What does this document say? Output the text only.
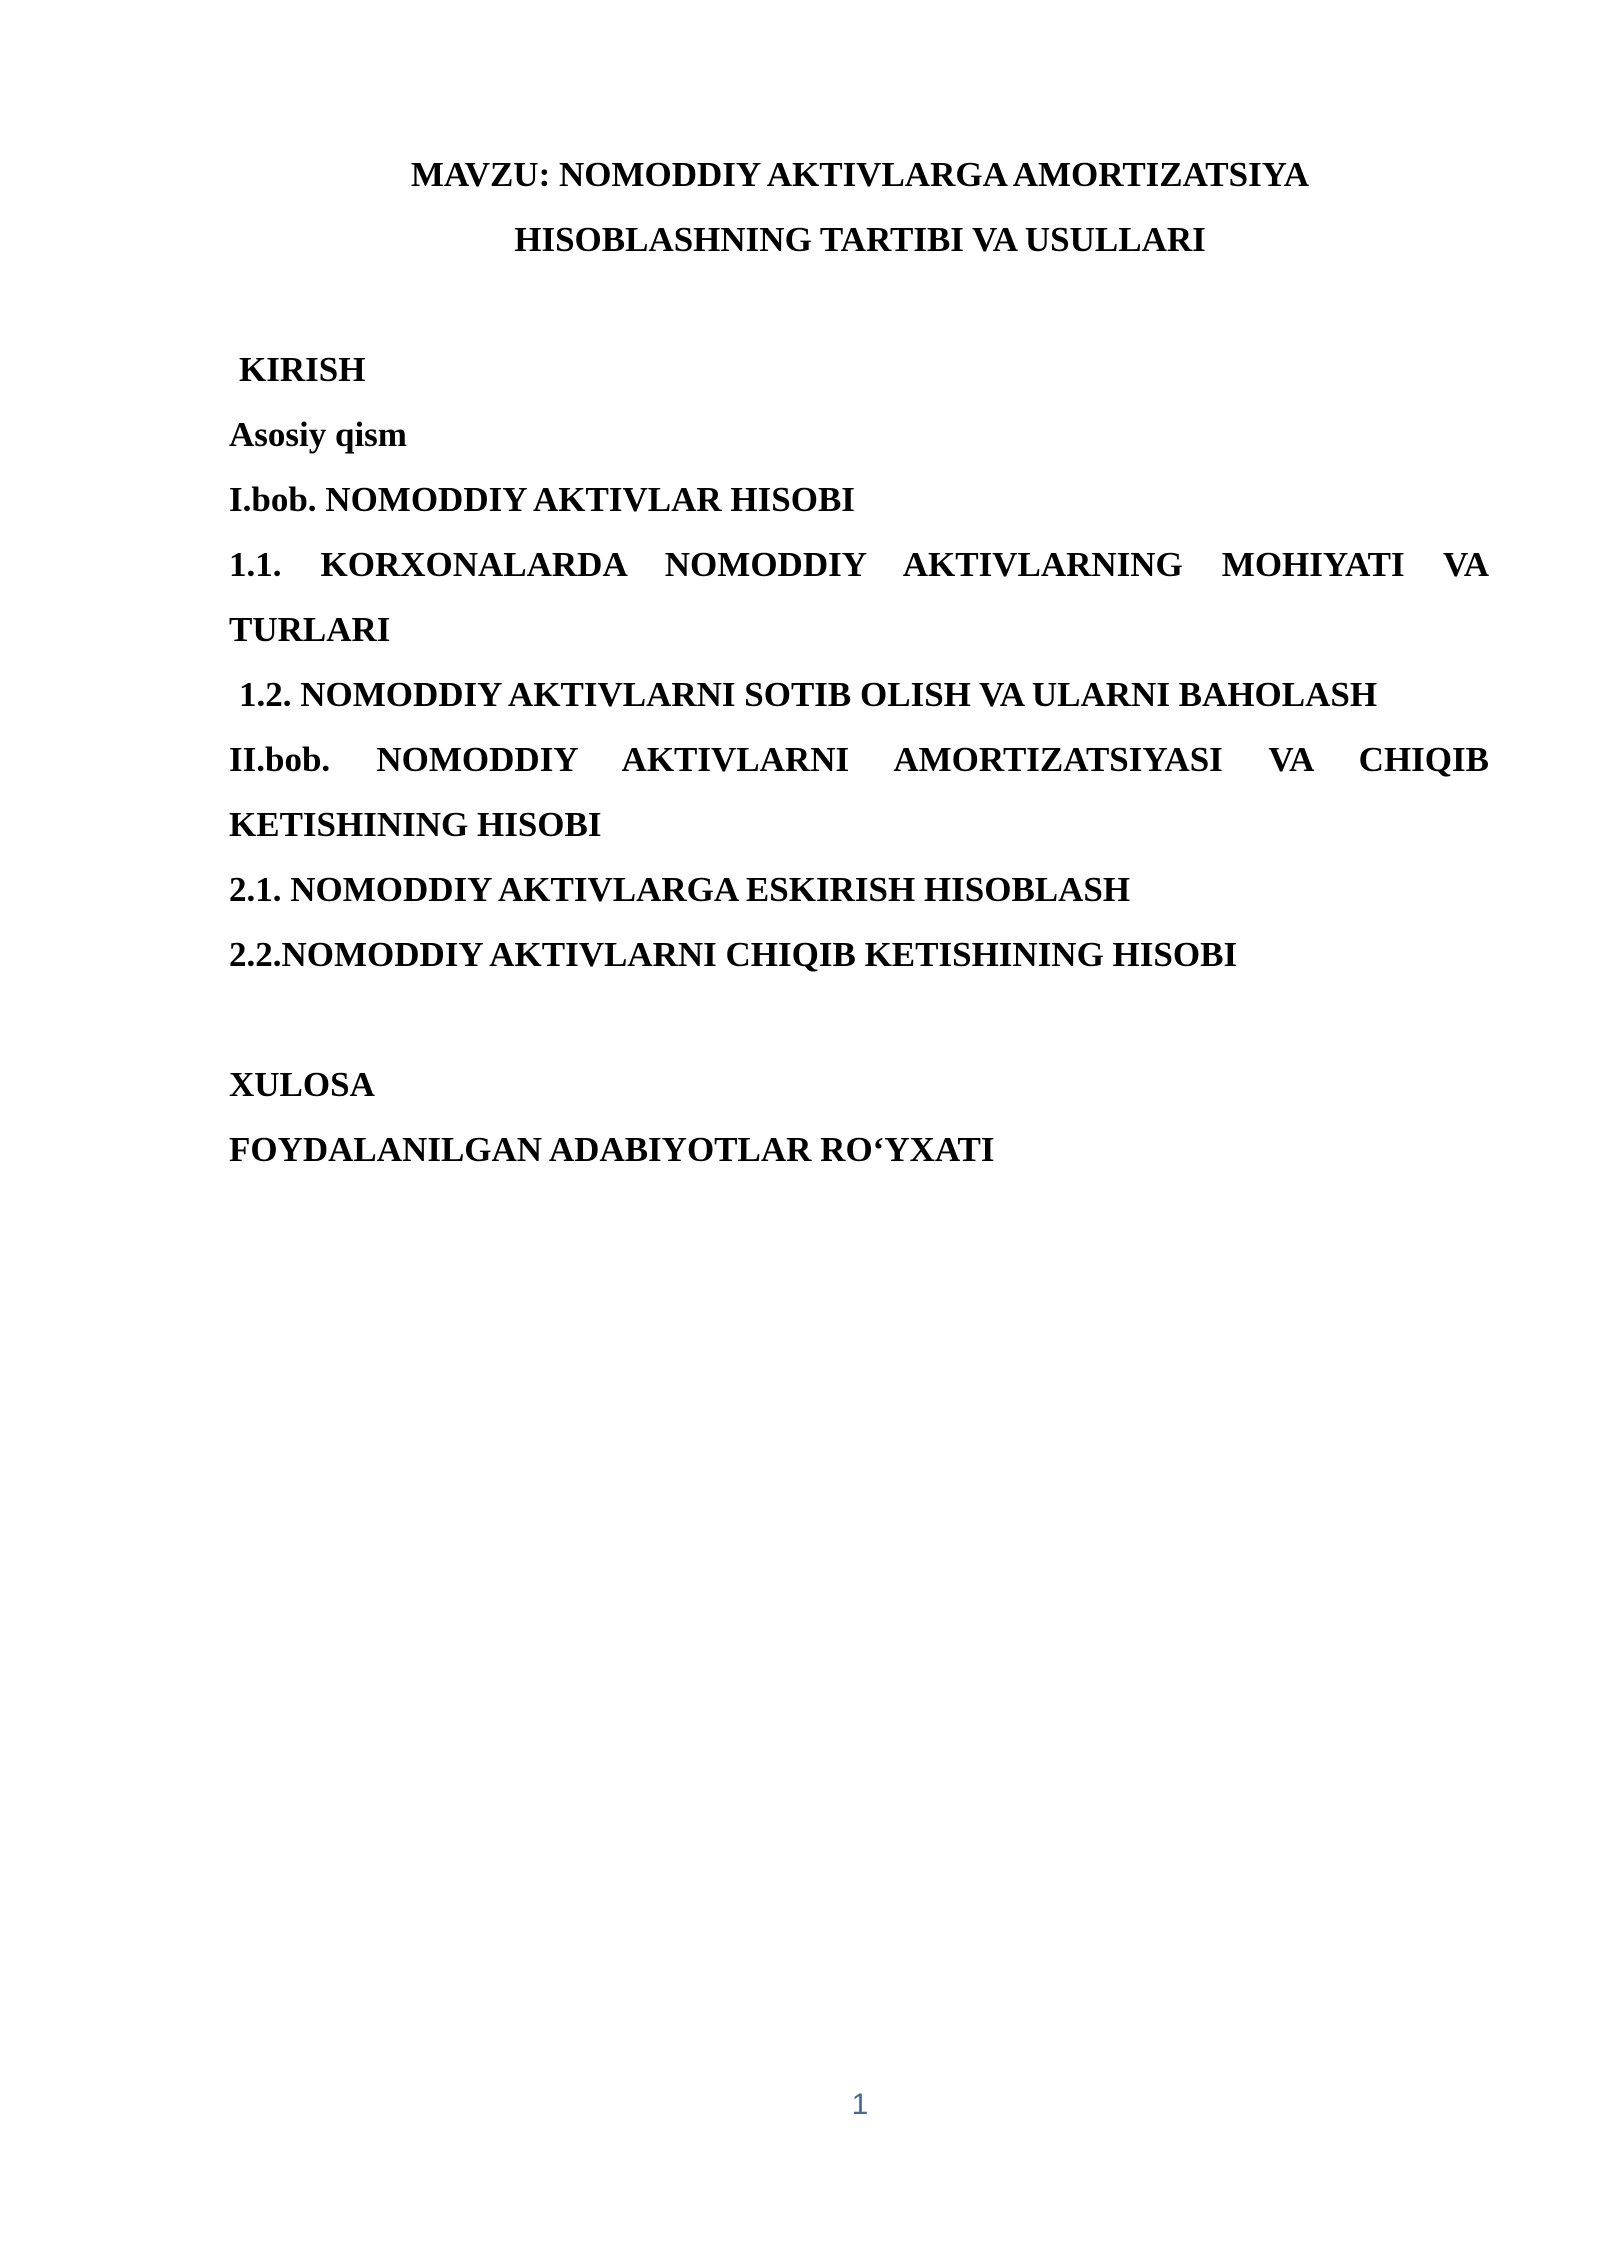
MAVZU: NOMODDIY AKTIVLARGA AMORTIZATSIYA
HISOBLASHNING TARTIBI VA USULLARI
KIRISH
Asosiy qism
I.bob. NOMODDIY AKTIVLAR HISOBI
1.1. KORXONALARDA NOMODDIY AKTIVLARNING MOHIYATI VA
TURLARI
1.2. NOMODDIY AKTIVLARNI SOTIB OLISH VA ULARNI BAHOLASH
II.bob. NOMODDIY AKTIVLARNI AMORTIZATSIYASI VA CHIQIB
KETISHINING HISOBI
2.1. NOMODDIY AKTIVLARGA ESKIRISH HISOBLASH
2.2.NOMODDIY AKTIVLARNI CHIQIB KETISHINING HISOBI
XULOSA
FOYDALANILGAN ADABIYOTLAR RO‘YXATI
1
